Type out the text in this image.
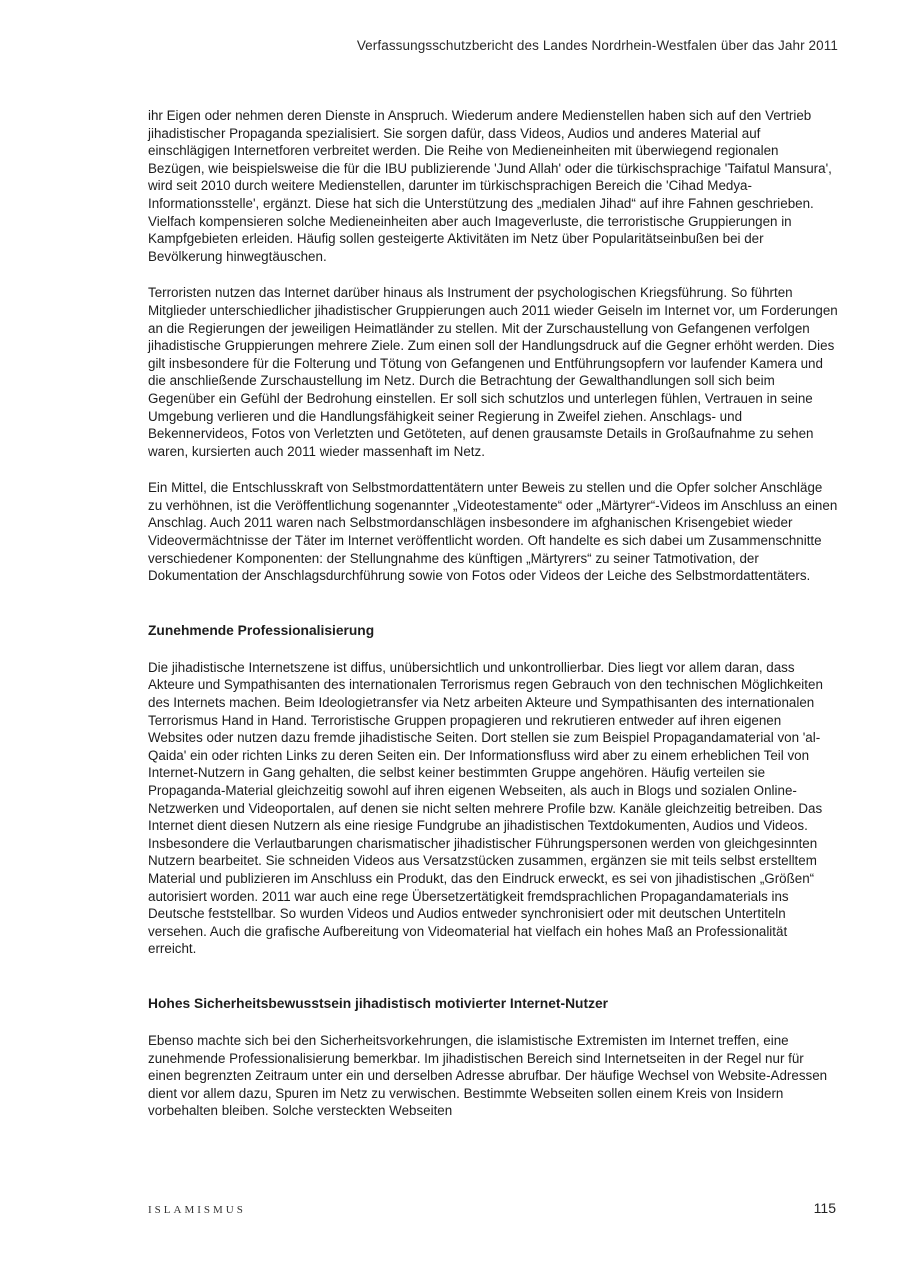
Verfassungsschutzbericht des Landes Nordrhein-Westfalen über das Jahr 2011

ihr Eigen oder nehmen deren Dienste in Anspruch. Wiederum andere Medienstellen haben sich auf den Vertrieb jihadistischer Propaganda spezialisiert. Sie sorgen dafür, dass Videos, Audios und anderes Material auf einschlägigen Internetforen verbreitet werden. Die Reihe von Medieneinheiten mit überwiegend regionalen Bezügen, wie beispielsweise die für die IBU publizierende 'Jund Allah' oder die türkischsprachige 'Taifatul Mansura', wird seit 2010 durch weitere Medienstellen, darunter im türkischsprachigen Bereich die 'Cihad Medya-Informationsstelle', ergänzt. Diese hat sich die Unterstützung des „medialen Jihad“ auf ihre Fahnen geschrieben. Vielfach kompensieren solche Medieneinheiten aber auch Imageverluste, die terroristische Gruppierungen in Kampfgebieten erleiden. Häufig sollen gesteigerte Aktivitäten im Netz über Popularitätseinbußen bei der Bevölkerung hinwegtäuschen.

Terroristen nutzen das Internet darüber hinaus als Instrument der psychologischen Kriegsführung. So führten Mitglieder unterschiedlicher jihadistischer Gruppierungen auch 2011 wieder Geiseln im Internet vor, um Forderungen an die Regierungen der jeweiligen Heimatländer zu stellen. Mit der Zurschaustellung von Gefangenen verfolgen jihadistische Gruppierungen mehrere Ziele. Zum einen soll der Handlungsdruck auf die Gegner erhöht werden. Dies gilt insbesondere für die Folterung und Tötung von Gefangenen und Entführungsopfern vor laufender Kamera und die anschließende Zurschaustellung im Netz. Durch die Betrachtung der Gewalthandlungen soll sich beim Gegenüber ein Gefühl der Bedrohung einstellen. Er soll sich schutzlos und unterlegen fühlen, Vertrauen in seine Umgebung verlieren und die Handlungsfähigkeit seiner Regierung in Zweifel ziehen. Anschlags- und Bekennervideos, Fotos von Verletzten und Getöteten, auf denen grausamste Details in Großaufnahme zu sehen waren, kursierten auch 2011 wieder massenhaft im Netz.

Ein Mittel, die Entschlusskraft von Selbstmordattentätern unter Beweis zu stellen und die Opfer solcher Anschläge zu verhöhnen, ist die Veröffentlichung sogenannter „Videotestamente“ oder „Märtyrer“-Videos im Anschluss an einen Anschlag. Auch 2011 waren nach Selbstmordanschlägen insbesondere im afghanischen Krisengebiet wieder Videovermächtnisse der Täter im Internet veröffentlicht worden. Oft handelte es sich dabei um Zusammenschnitte verschiedener Komponenten: der Stellungnahme des künftigen „Märtyrers“ zu seiner Tatmotivation, der Dokumentation der Anschlagsdurchführung sowie von Fotos oder Videos der Leiche des Selbstmordattentäters.

Zunehmende Professionalisierung

Die jihadistische Internetszene ist diffus, unübersichtlich und unkontrollierbar. Dies liegt vor allem daran, dass Akteure und Sympathisanten des internationalen Terrorismus regen Gebrauch von den technischen Möglichkeiten des Internets machen. Beim Ideologietransfer via Netz arbeiten Akteure und Sympathisanten des internationalen Terrorismus Hand in Hand. Terroristische Gruppen propagieren und rekrutieren entweder auf ihren eigenen Websites oder nutzen dazu fremde jihadistische Seiten. Dort stellen sie zum Beispiel Propagandamaterial von 'al-Qaida' ein oder richten Links zu deren Seiten ein. Der Informationsfluss wird aber zu einem erheblichen Teil von Internet-Nutzern in Gang gehalten, die selbst keiner bestimmten Gruppe angehören. Häufig verteilen sie Propaganda-Material gleichzeitig sowohl auf ihren eigenen Webseiten, als auch in Blogs und sozialen Online-Netzwerken und Videoportalen, auf denen sie nicht selten mehrere Profile bzw. Kanäle gleichzeitig betreiben. Das Internet dient diesen Nutzern als eine riesige Fundgrube an jihadistischen Textdokumenten, Audios und Videos. Insbesondere die Verlautbarungen charismatischer jihadistischer Führungspersonen werden von gleichgesinnten Nutzern bearbeitet. Sie schneiden Videos aus Versatzstücken zusammen, ergänzen sie mit teils selbst erstelltem Material und publizieren im Anschluss ein Produkt, das den Eindruck erweckt, es sei von jihadistischen „Größen“ autorisiert worden. 2011 war auch eine rege Übersetzertätigkeit fremdsprachlichen Propagandamaterials ins Deutsche feststellbar. So wurden Videos und Audios entweder synchronisiert oder mit deutschen Untertiteln versehen. Auch die grafische Aufbereitung von Videomaterial hat vielfach ein hohes Maß an Professionalität erreicht.

Hohes Sicherheitsbewusstsein jihadistisch motivierter Internet-Nutzer

Ebenso machte sich bei den Sicherheitsvorkehrungen, die islamistische Extremisten im Internet treffen, eine zunehmende Professionalisierung bemerkbar. Im jihadistischen Bereich sind Internetseiten in der Regel nur für einen begrenzten Zeitraum unter ein und derselben Adresse abrufbar. Der häufige Wechsel von Website-Adressen dient vor allem dazu, Spuren im Netz zu verwischen. Bestimmte Webseiten sollen einem Kreis von Insidern vorbehalten bleiben. Solche versteckten Webseiten

ISLAMISMUS	115
